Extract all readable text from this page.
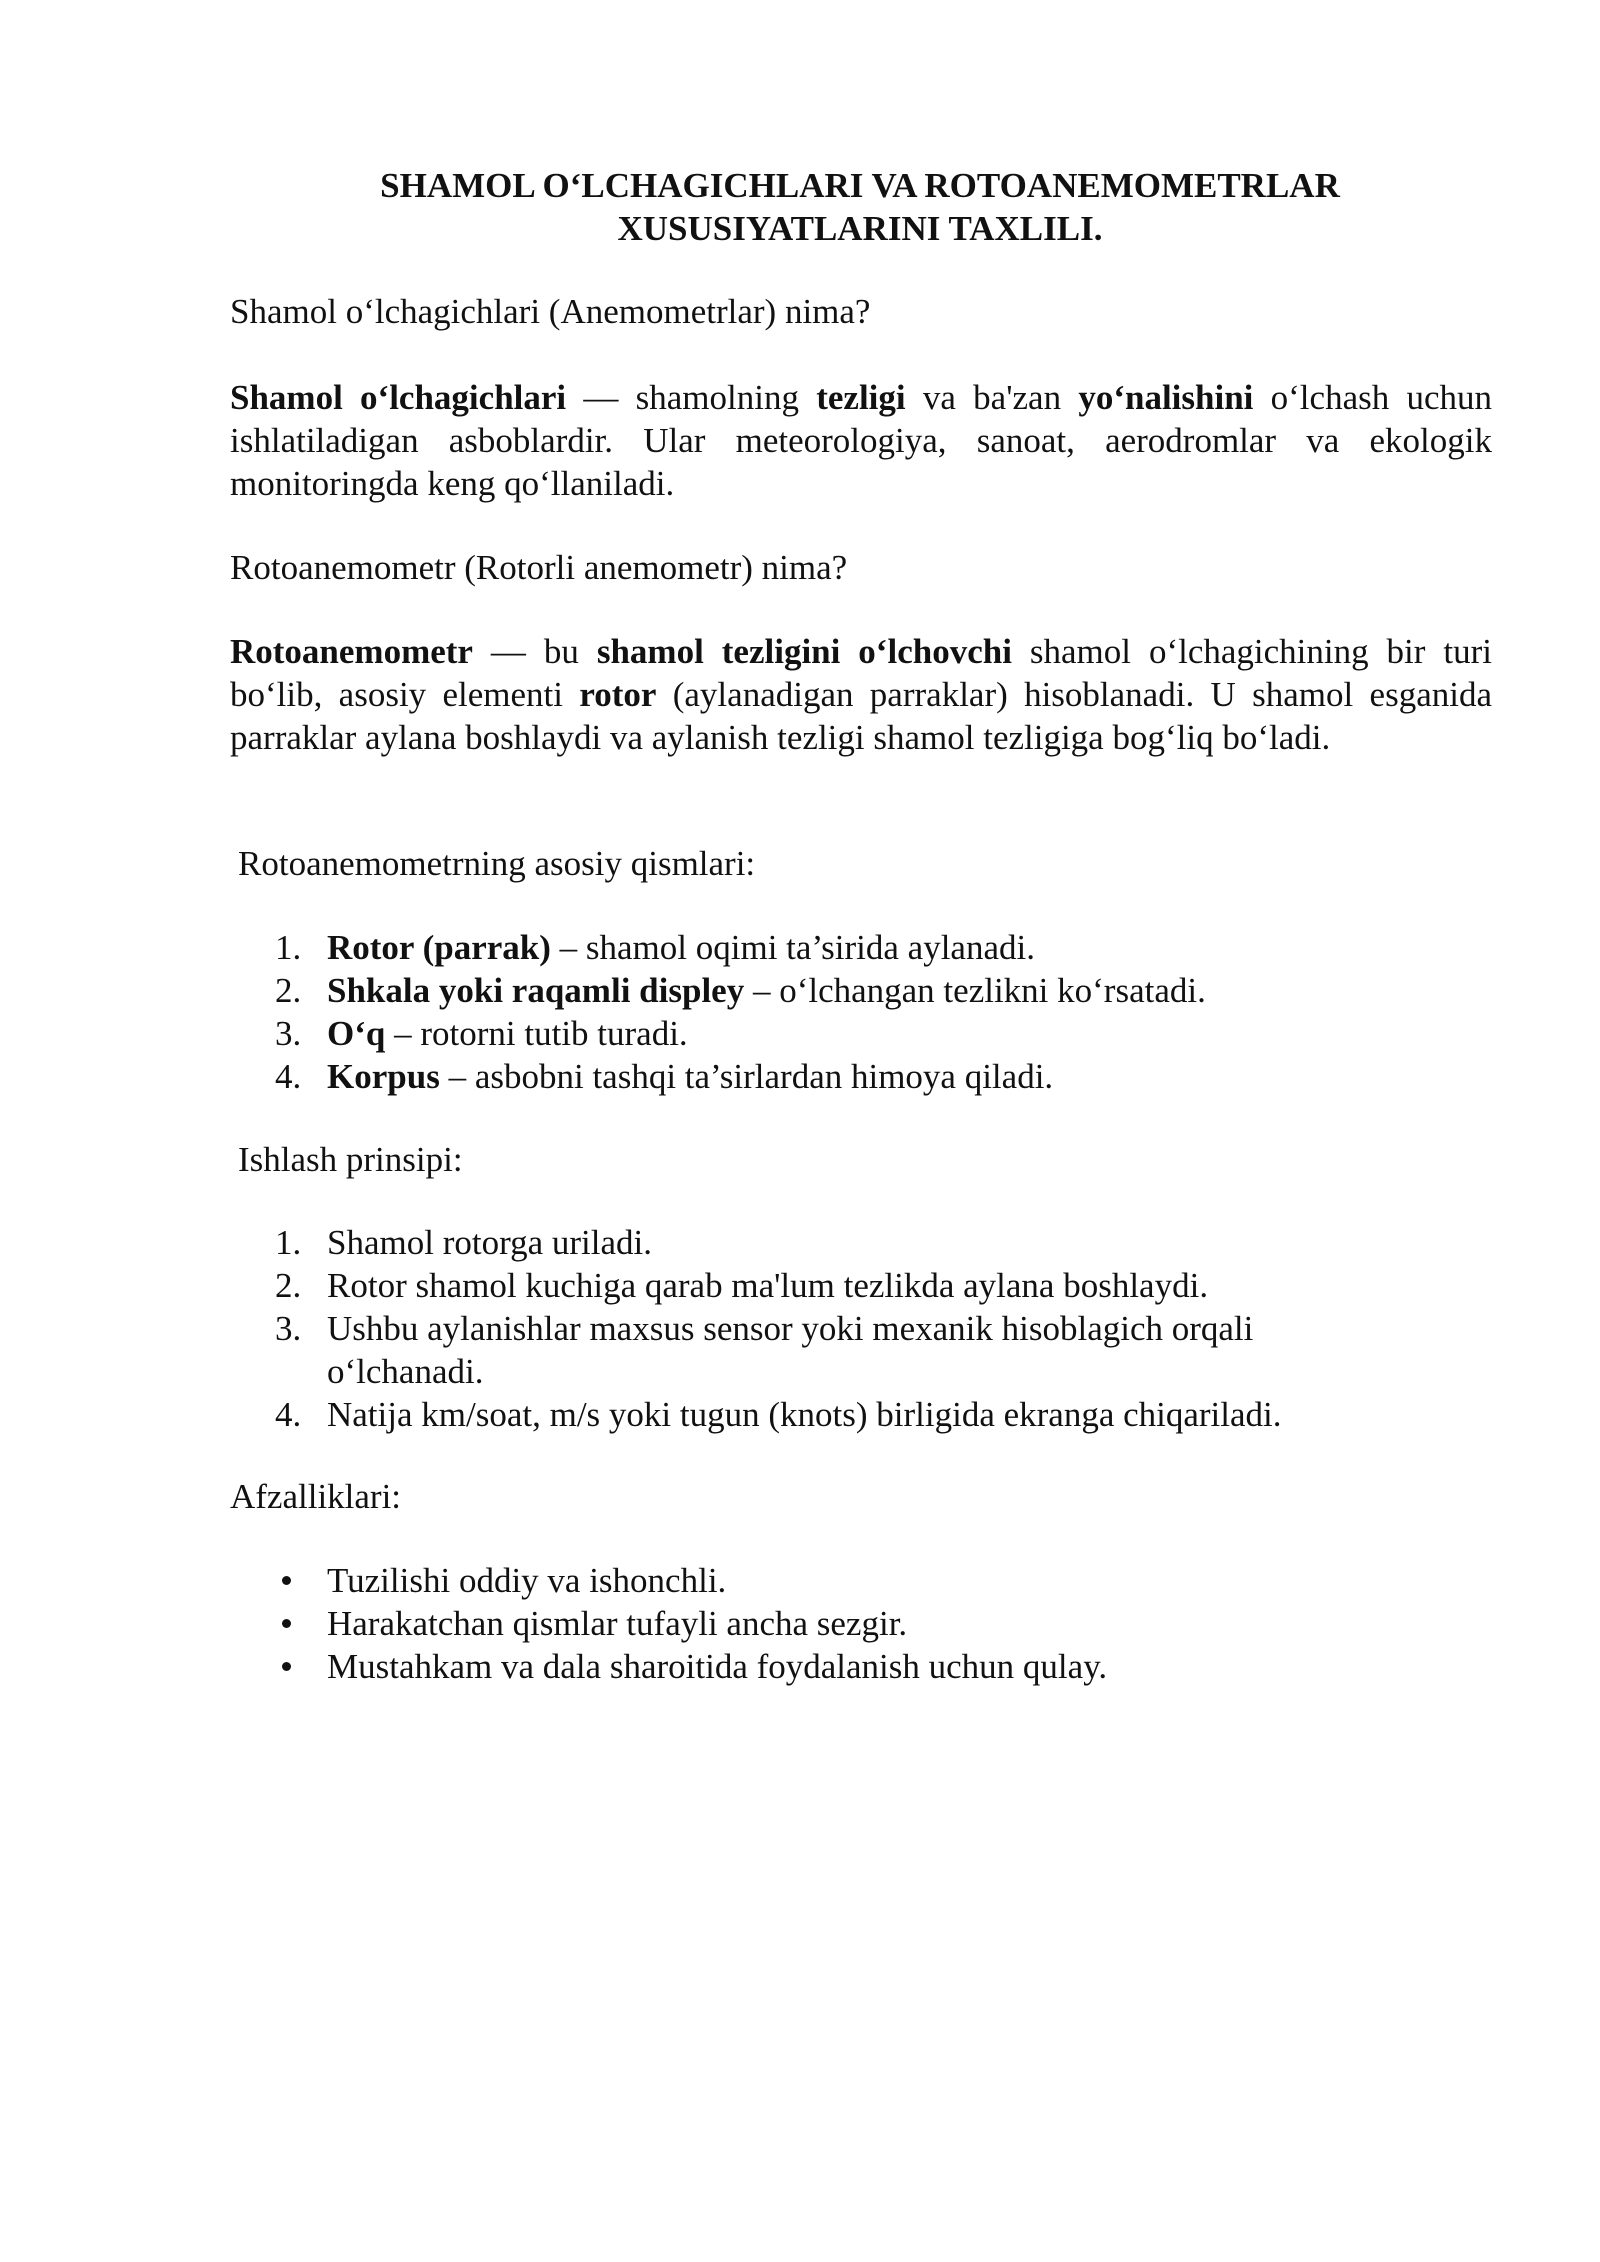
SHAMOL O‘LCHAGICHLARI VA ROTOANEMOMETRLAR
XUSUSIYATLARINI TAXLILI.
Shamol o‘lchagichlari (Anemometrlar) nima?
Shamol o‘lchagichlari — shamolning tezligi va ba'zan yo‘nalishini o‘lchash uchun ishlatiladigan asboblardir. Ular meteorologiya, sanoat, aerodromlar va ekologik monitoringda keng qo‘llaniladi.
Rotoanemometr (Rotorli anemometr) nima?
Rotoanemometr — bu shamol tezligini o‘lchovchi shamol o‘lchagichining bir turi bo‘lib, asosiy elementi rotor (aylanadigan parraklar) hisoblanadi. U shamol esganida parraklar aylana boshlaydi va aylanish tezligi shamol tezligiga bog‘liq bo‘ladi.
Rotoanemometrning asosiy qismlari:
1. Rotor (parrak) – shamol oqimi ta’sirida aylanadi.
2. Shkala yoki raqamli displey – o‘lchangan tezlikni ko‘rsatadi.
3. O‘q – rotorni tutib turadi.
4. Korpus – asbobni tashqi ta’sirlardan himoya qiladi.
Ishlash prinsipi:
1. Shamol rotorga uriladi.
2. Rotor shamol kuchiga qarab ma'lum tezlikda aylana boshlaydi.
3. Ushbu aylanishlar maxsus sensor yoki mexanik hisoblagich orqali
o‘lchanadi.
4. Natija km/soat, m/s yoki tugun (knots) birligida ekranga chiqariladi.
Afzalliklari:
Tuzilishi oddiy va ishonchli.
Harakatchan qismlar tufayli ancha sezgir.
Mustahkam va dala sharoitida foydalanish uchun qulay.
